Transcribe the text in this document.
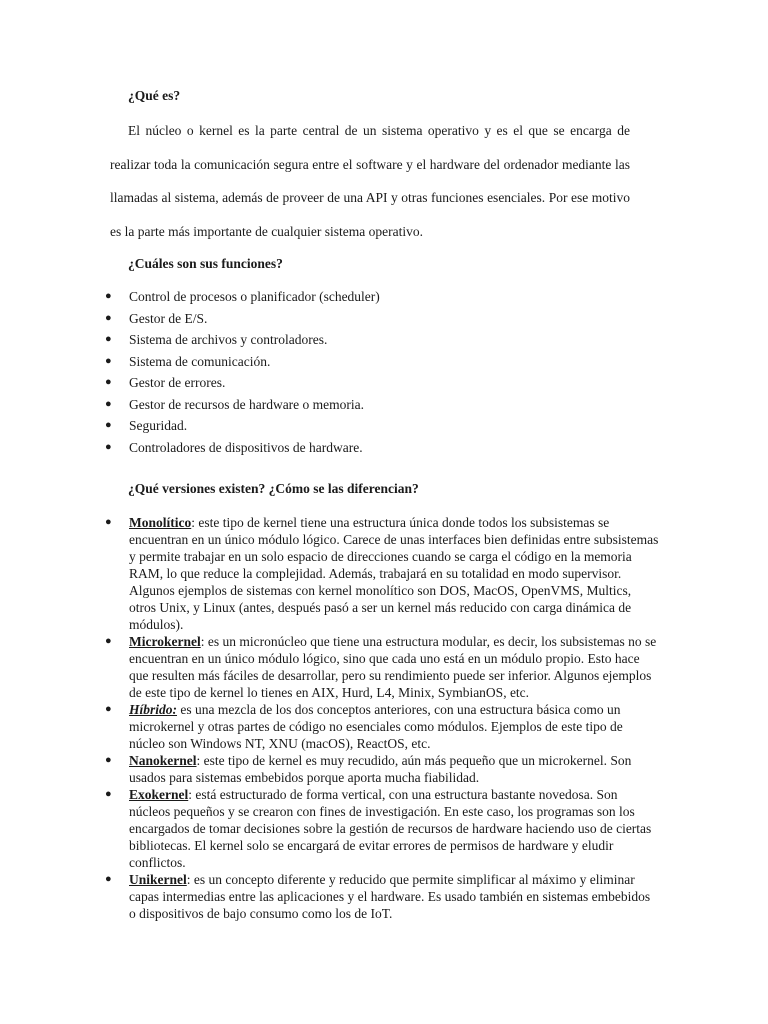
¿Qué es?

El núcleo o kernel es la parte central de un sistema operativo y es el que se encarga de realizar toda la comunicación segura entre el software y el hardware del ordenador mediante las llamadas al sistema, además de proveer de una API y otras funciones esenciales. Por ese motivo es la parte más importante de cualquier sistema operativo.

¿Cuáles son sus funciones?
● Control de procesos o planificador (scheduler)
● Gestor de E/S.
● Sistema de archivos y controladores.
● Sistema de comunicación.
● Gestor de errores.
● Gestor de recursos de hardware o memoria.
● Seguridad.
● Controladores de dispositivos de hardware.
¿Qué versiones existen? ¿Cómo se las diferencian?
● Monolítico: este tipo de kernel tiene una estructura única donde todos los subsistemas se encuentran en un único módulo lógico. Carece de unas interfaces bien definidas entre subsistemas y permite trabajar en un solo espacio de direcciones cuando se carga el código en la memoria RAM, lo que reduce la complejidad. Además, trabajará en su totalidad en modo supervisor. Algunos ejemplos de sistemas con kernel monolítico son DOS, MacOS, OpenVMS, Multics, otros Unix, y Linux (antes, después pasó a ser un kernel más reducido con carga dinámica de módulos).
● Microkernel: es un micronúcleo que tiene una estructura modular, es decir, los subsistemas no se encuentran en un único módulo lógico, sino que cada uno está en un módulo propio. Esto hace que resulten más fáciles de desarrollar, pero su rendimiento puede ser inferior. Algunos ejemplos de este tipo de kernel lo tienes en AIX, Hurd, L4, Minix, SymbianOS, etc.
● Híbrido: es una mezcla de los dos conceptos anteriores, con una estructura básica como un microkernel y otras partes de código no esenciales como módulos. Ejemplos de este tipo de núcleo son Windows NT, XNU (macOS), ReactOS, etc.
● Nanokernel: este tipo de kernel es muy recudido, aún más pequeño que un microkernel. Son usados para sistemas embebidos porque aporta mucha fiabilidad.
● Exokernel: está estructurado de forma vertical, con una estructura bastante novedosa. Son núcleos pequeños y se crearon con fines de investigación. En este caso, los programas son los encargados de tomar decisiones sobre la gestión de recursos de hardware haciendo uso de ciertas bibliotecas. El kernel solo se encargará de evitar errores de permisos de hardware y eludir conflictos.
● Unikernel: es un concepto diferente y reducido que permite simplificar al máximo y eliminar capas intermedias entre las aplicaciones y el hardware. Es usado también en sistemas embebidos o dispositivos de bajo consumo como los de IoT.
